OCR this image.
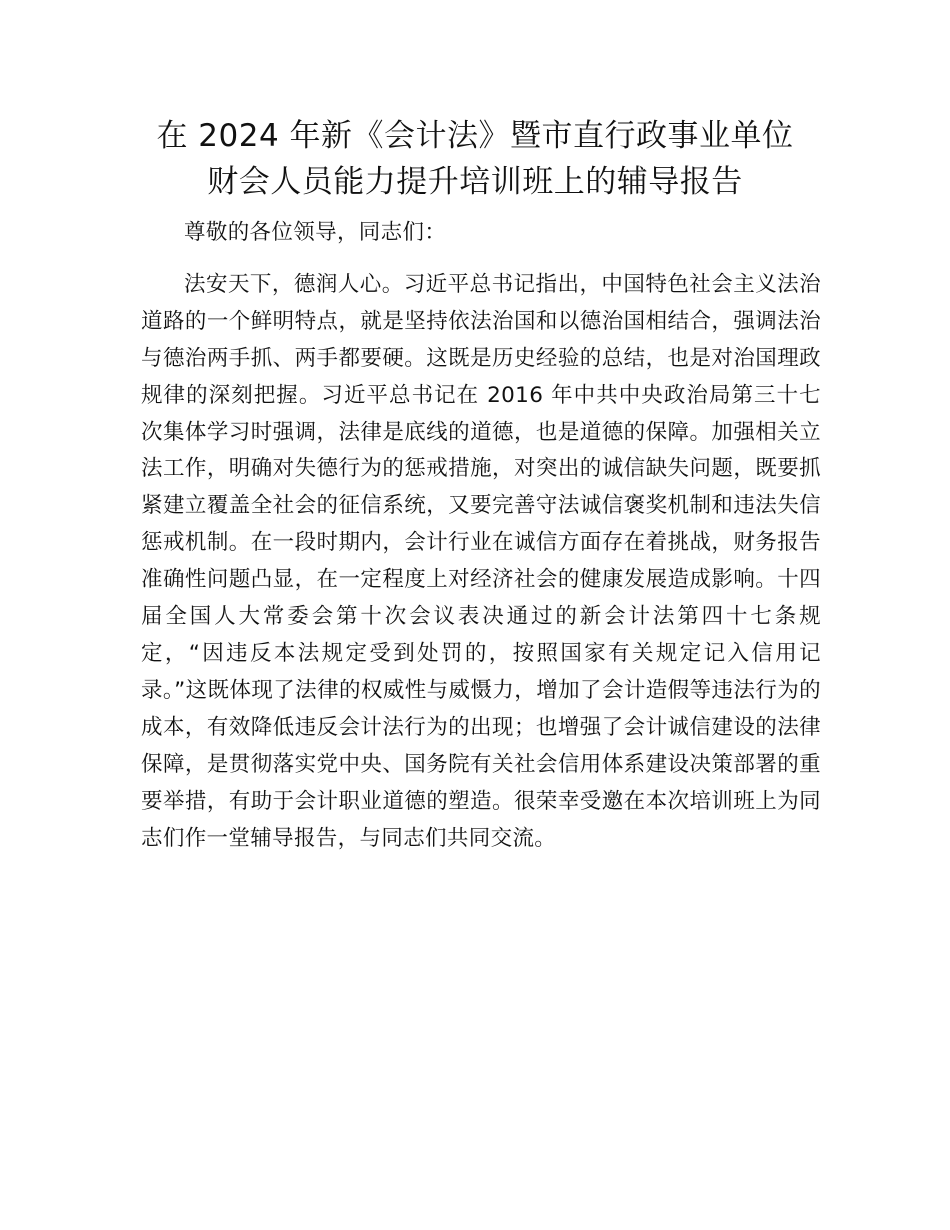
在 2024 年新《会计法》暨市直行政事业单位

财会人员能力提升培训班上的辅导报告

尊敬的各位领导，同志们：

法安天下，德润人心。习近平总书记指出，中国特色社会主义法治道路的一个鲜明特点，就是坚持依法治国和以德治国相结合，强调法治与德治两手抓、两手都要硬。这既是历史经验的总结，也是对治国理政规律的深刻把握。习近平总书记在 2016 年中共中央政治局第三十七次集体学习时强调，法律是底线的道德，也是道德的保障。加强相关立法工作，明确对失德行为的惩戒措施，对突出的诚信缺失问题，既要抓紧建立覆盖全社会的征信系统，又要完善守法诚信褒奖机制和违法失信惩戒机制。在一段时期内，会计行业在诚信方面存在着挑战，财务报告准确性问题凸显，在一定程度上对经济社会的健康发展造成影响。十四届全国人大常委会第十次会议表决通过的新会计法第四十七条规定，“因违反本法规定受到处罚的，按照国家有关规定记入信用记录。”这既体现了法律的权威性与威慑力，增加了会计造假等违法行为的成本，有效降低违反会计法行为的出现；也增强了会计诚信建设的法律保障，是贯彻落实党中央、国务院有关社会信用体系建设决策部署的重要举措，有助于会计职业道德的塑造。很荣幸受邀在本次培训班上为同志们作一堂辅导报告，与同志们共同交流。
